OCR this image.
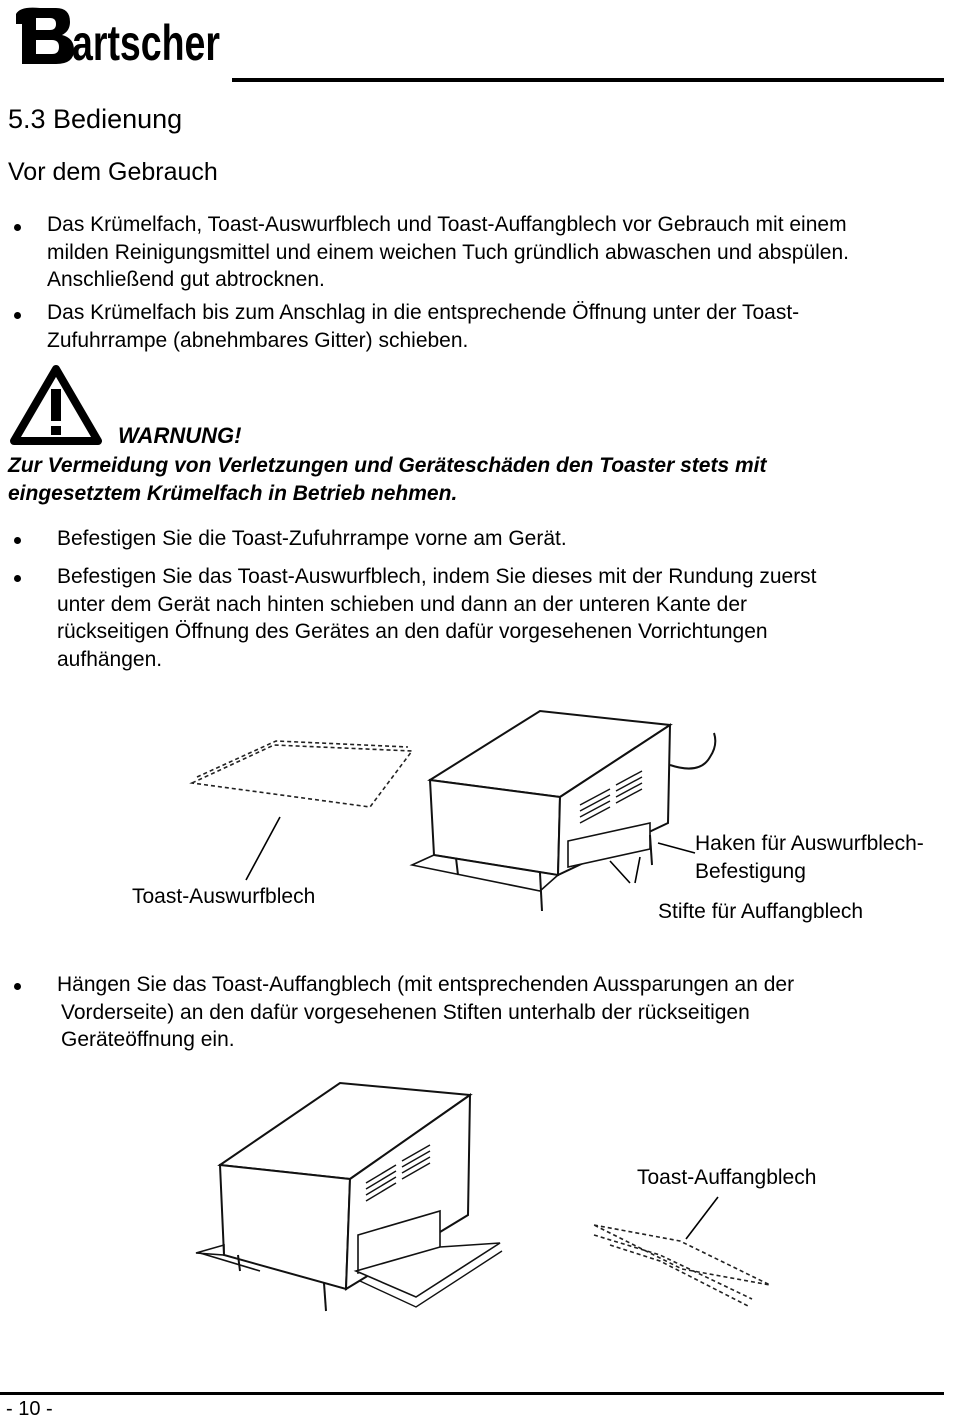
artscher
5.3 Bedienung
Vor dem Gebrauch
Das Krümelfach, Toast-Auswurfblech und Toast-Auffangblech vor Gebrauch mit einem
milden Reinigungsmittel und einem weichen Tuch gründlich abwaschen und abspülen.
Anschließend gut abtrocknen.
Das Krümelfach bis zum Anschlag in die entsprechende Öffnung unter der Toast-
Zufuhrrampe (abnehmbares Gitter) schieben.
WARNUNG!
Zur Vermeidung von Verletzungen und Geräteschäden den Toaster stets mit
eingesetztem Krümelfach in Betrieb nehmen.
Befestigen Sie die Toast-Zufuhrrampe vorne am Gerät.
Befestigen Sie das Toast-Auswurfblech, indem Sie dieses mit der Rundung zuerst
unter dem Gerät nach hinten schieben und dann an der unteren Kante der
rückseitigen Öffnung des Gerätes an den dafür vorgesehenen Vorrichtungen
aufhängen.
Toast-Auswurfblech
Haken für Auswurfblech-
Befestigung
Stifte für Auffangblech
Hängen Sie das Toast-Auffangblech (mit entsprechenden Aussparungen an der
Vorderseite) an den dafür vorgesehenen Stiften unterhalb der rückseitigen
Geräteöffnung ein.
Toast-Auffangblech
- 10 -
